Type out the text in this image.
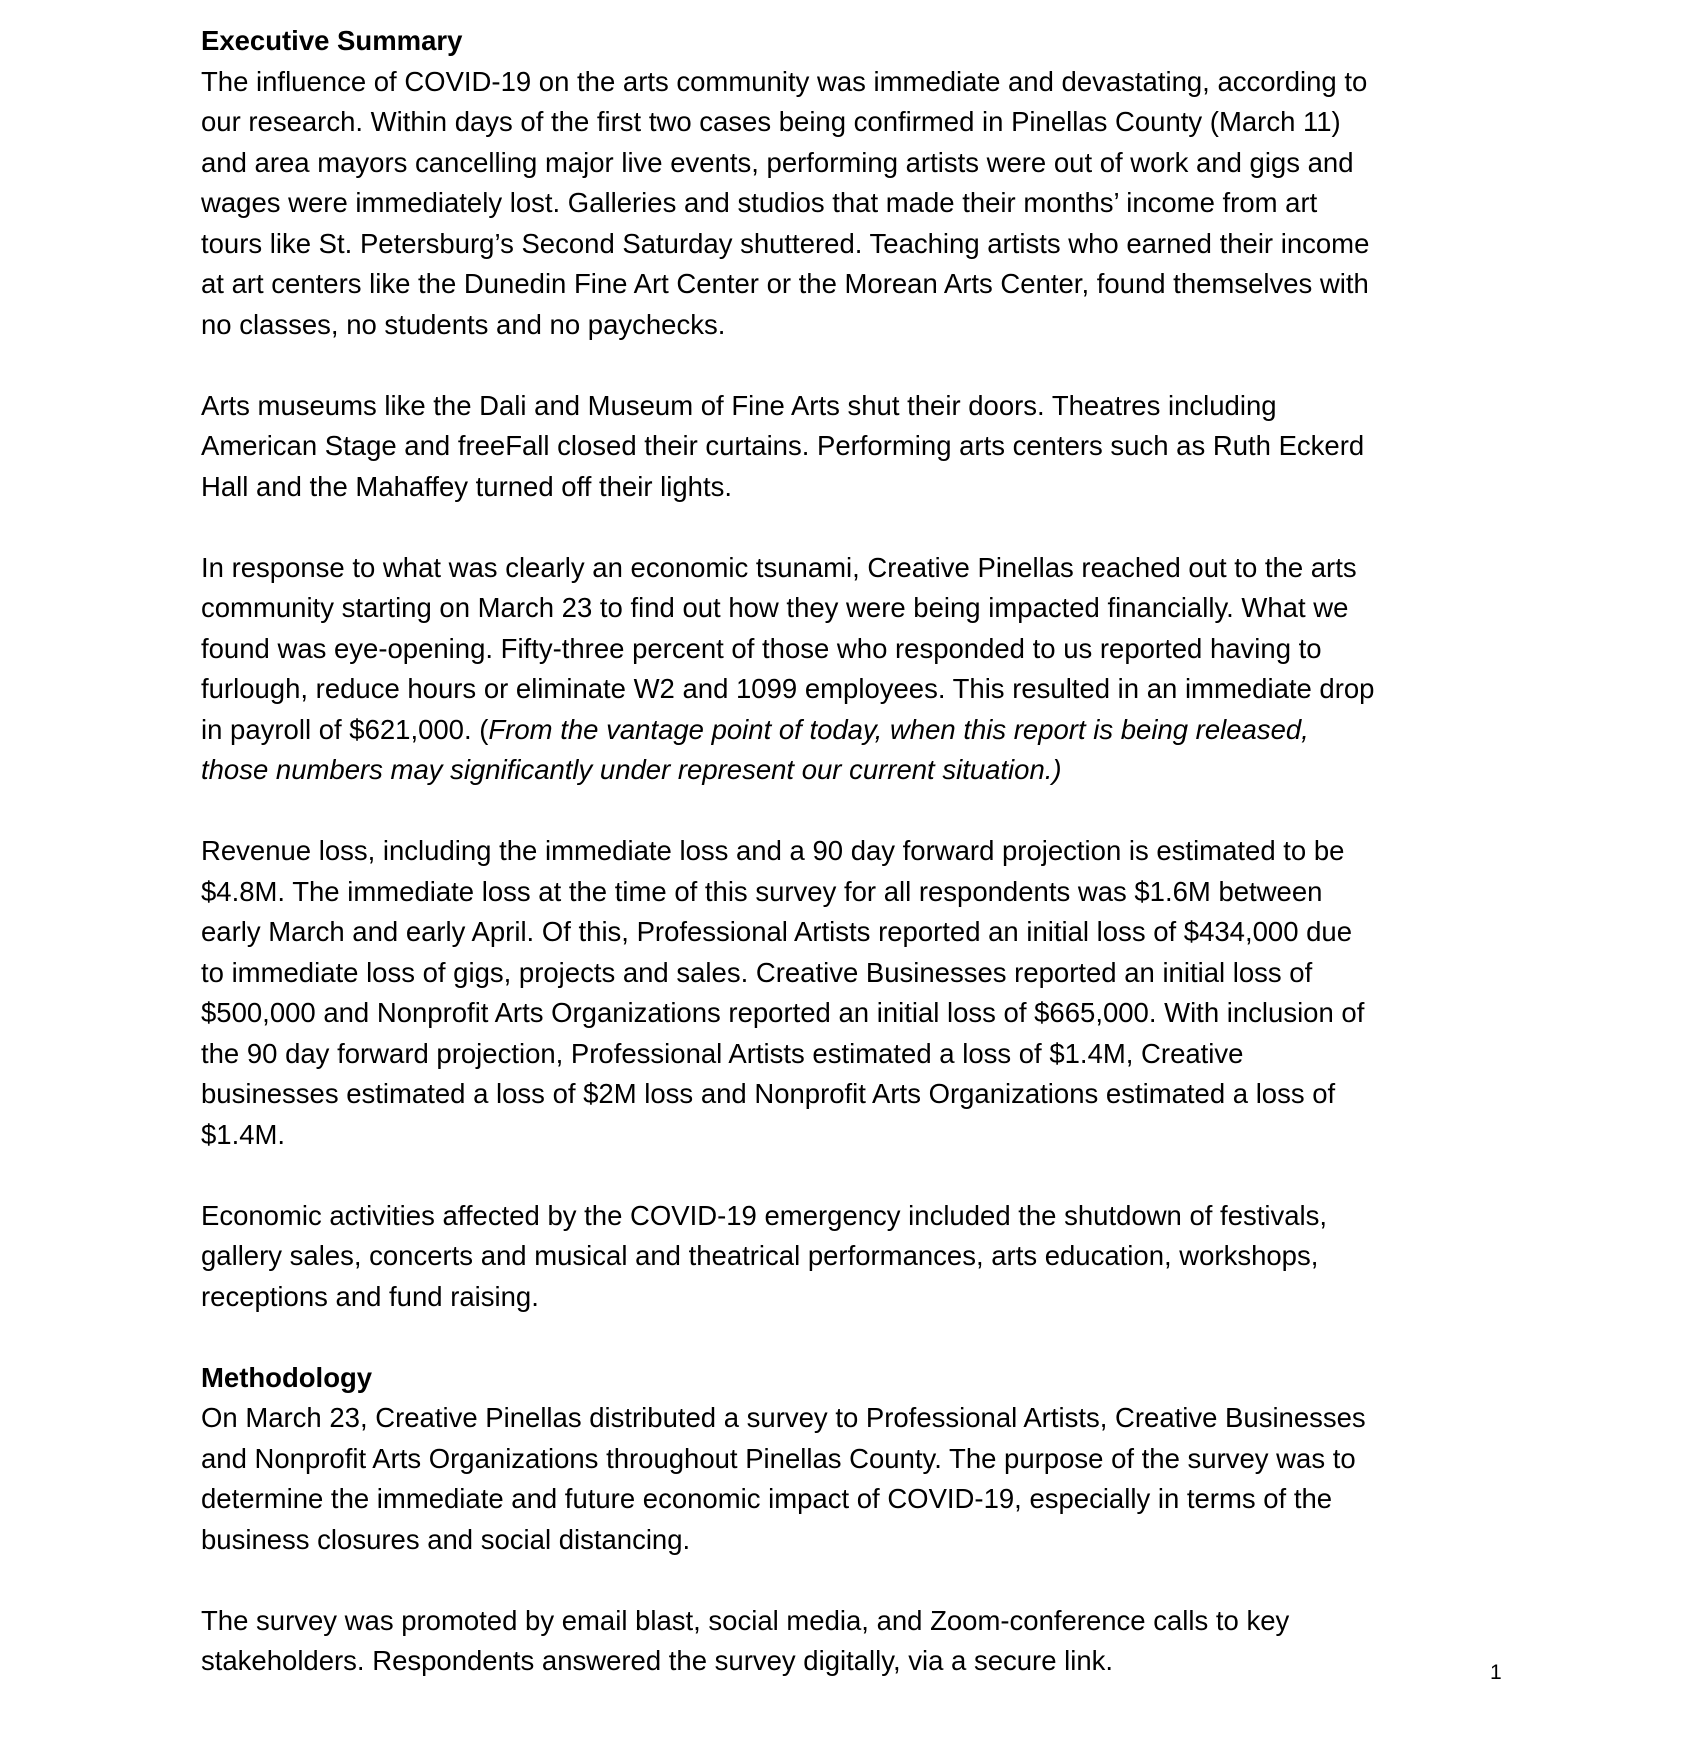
Executive Summary
The influence of COVID-19 on the arts community was immediate and devastating, according to
our research. Within days of the first two cases being confirmed in Pinellas County (March 11)
and area mayors cancelling major live events, performing artists were out of work and gigs and
wages were immediately lost. Galleries and studios that made their months’ income from art
tours like St. Petersburg’s Second Saturday shuttered. Teaching artists who earned their income
at art centers like the Dunedin Fine Art Center or the Morean Arts Center, found themselves with
no classes, no students and no paychecks.
Arts museums like the Dali and Museum of Fine Arts shut their doors. Theatres including
American Stage and freeFall closed their curtains. Performing arts centers such as Ruth Eckerd
Hall and the Mahaffey turned off their lights.
In response to what was clearly an economic tsunami, Creative Pinellas reached out to the arts
community starting on March 23 to find out how they were being impacted financially. What we
found was eye-opening. Fifty-three percent of those who responded to us reported having to
furlough, reduce hours or eliminate W2 and 1099 employees. This resulted in an immediate drop
in payroll of $621,000. (From the vantage point of today, when this report is being released,
those numbers may significantly under represent our current situation.)
Revenue loss, including the immediate loss and a 90 day forward projection is estimated to be
$4.8M. The immediate loss at the time of this survey for all respondents was $1.6M between
early March and early April. Of this, Professional Artists reported an initial loss of $434,000 due
to immediate loss of gigs, projects and sales. Creative Businesses reported an initial loss of
$500,000 and Nonprofit Arts Organizations reported an initial loss of $665,000. With inclusion of
the 90 day forward projection, Professional Artists estimated a loss of $1.4M, Creative
businesses estimated a loss of $2M loss and Nonprofit Arts Organizations estimated a loss of
$1.4M.
Economic activities affected by the COVID-19 emergency included the shutdown of festivals,
gallery sales, concerts and musical and theatrical performances, arts education, workshops,
receptions and fund raising.
Methodology
On March 23, Creative Pinellas distributed a survey to Professional Artists, Creative Businesses
and Nonprofit Arts Organizations throughout Pinellas County. The purpose of the survey was to
determine the immediate and future economic impact of COVID-19, especially in terms of the
business closures and social distancing.
The survey was promoted by email blast, social media, and Zoom-conference calls to key
stakeholders. Respondents answered the survey digitally, via a secure link.	1
